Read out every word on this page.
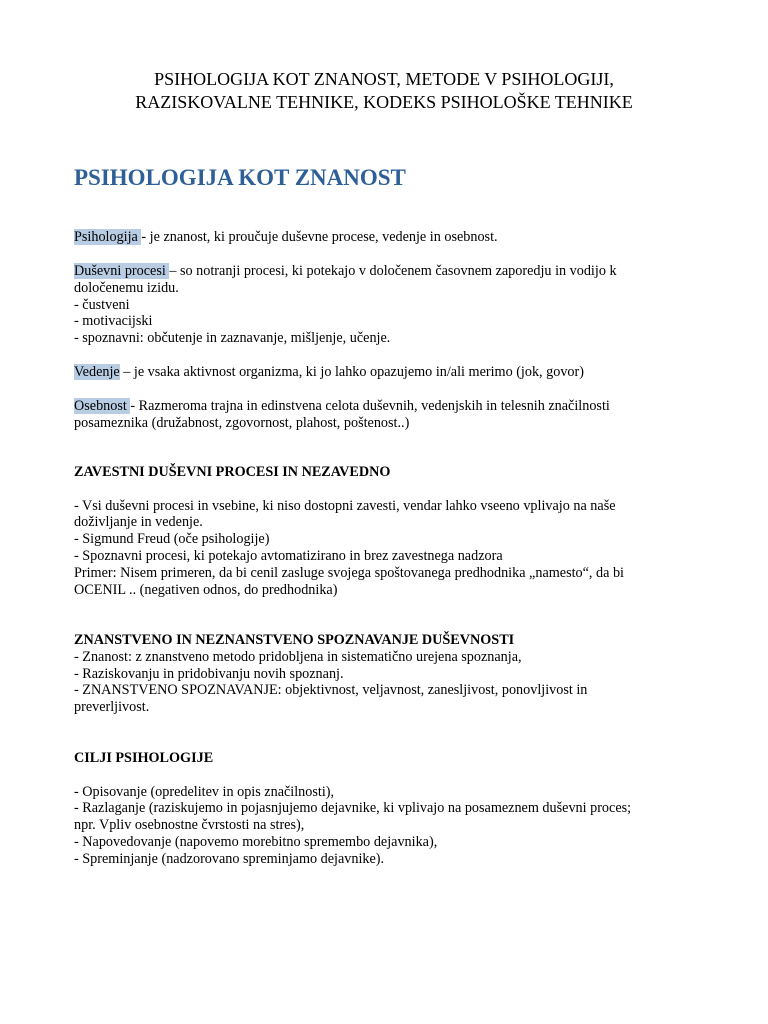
PSIHOLOGIJA KOT ZNANOST, METODE V PSIHOLOGIJI,
RAZISKOVALNE TEHNIKE, KODEKS PSIHOLOŠKE TEHNIKE
PSIHOLOGIJA KOT ZNANOST

Psihologija - je znanost, ki proučuje duševne procese, vedenje in osebnost.

Duševni procesi – so notranji procesi, ki potekajo v določenem časovnem zaporedju in vodijo k

določenemu izidu.

- čustveni

- motivacijski

- spoznavni: občutenje in zaznavanje, mišljenje, učenje.

Vedenje – je vsaka aktivnost organizma, ki jo lahko opazujemo in/ali merimo (jok, govor)

Osebnost - Razmeroma trajna in edinstvena celota duševnih, vedenjskih in telesnih značilnosti

posameznika (družabnost, zgovornost, plahost, poštenost..)

ZAVESTNI DUŠEVNI PROCESI IN NEZAVEDNO

- Vsi duševni procesi in vsebine, ki niso dostopni zavesti, vendar lahko vseeno vplivajo na naše

doživljanje in vedenje.

- Sigmund Freud (oče psihologije)

- Spoznavni procesi, ki potekajo avtomatizirano in brez zavestnega nadzora

Primer: Nisem primeren, da bi cenil zasluge svojega spoštovanega predhodnika „namesto“, da bi

OCENIL .. (negativen odnos, do predhodnika)

ZNANSTVENO IN NEZNANSTVENO SPOZNAVANJE DUŠEVNOSTI

- Znanost: z znanstveno metodo pridobljena in sistematično urejena spoznanja,

- Raziskovanju in pridobivanju novih spoznanj.

- ZNANSTVENO SPOZNAVANJE: objektivnost, veljavnost, zanesljivost, ponovljivost in

preverljivost.

CILJI PSIHOLOGIJE

- Opisovanje (opredelitev in opis značilnosti),

- Razlaganje (raziskujemo in pojasnjujemo dejavnike, ki vplivajo na posameznem duševni proces;

npr. Vpliv osebnostne čvrstosti na stres),

- Napovedovanje (napovemo morebitno spremembo dejavnika),

- Spreminjanje (nadzorovano spreminjamo dejavnike).
